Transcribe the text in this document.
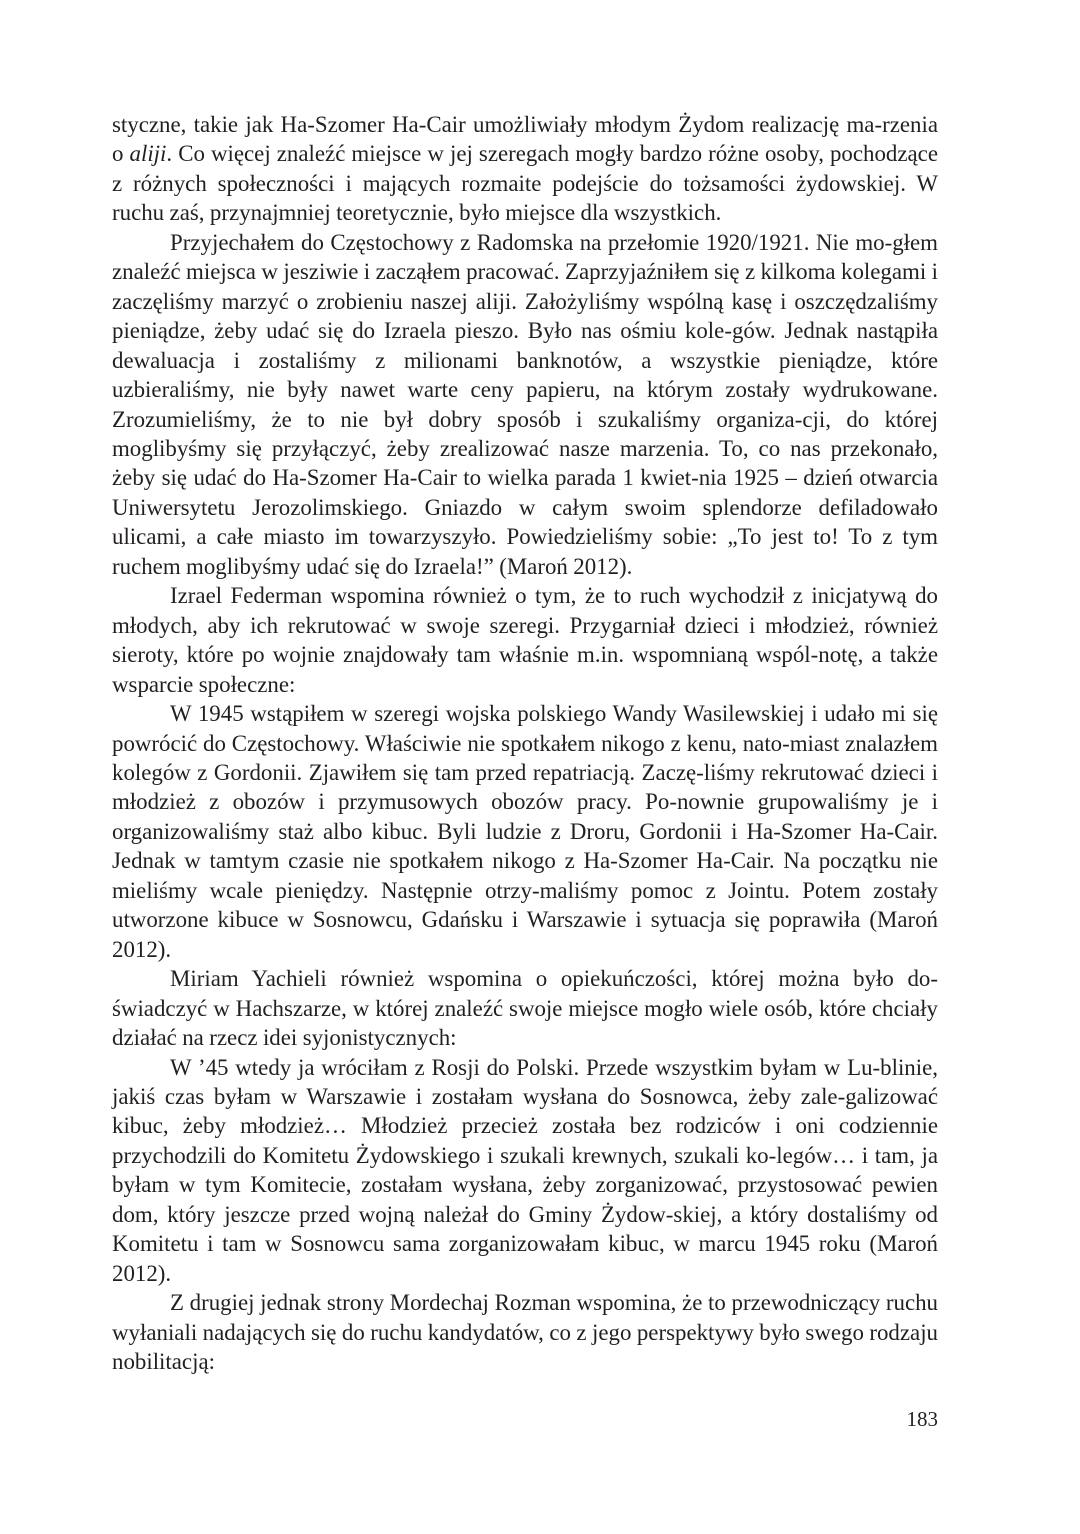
styczne, takie jak Ha-Szomer Ha-Cair umożliwiały młodym Żydom realizację ma-rzenia o aliji. Co więcej znaleźć miejsce w jej szeregach mogły bardzo różne osoby, pochodzące z różnych społeczności i mających rozmaite podejście do tożsamości żydowskiej. W ruchu zaś, przynajmniej teoretycznie, było miejsce dla wszystkich.

Przyjechałem do Częstochowy z Radomska na przełomie 1920/1921. Nie mo-głem znaleźć miejsca w jesziwie i zacząłem pracować. Zaprzyjaźniłem się z kilkoma kolegami i zaczęliśmy marzyć o zrobieniu naszej aliji. Założyliśmy wspólną kasę i oszczędzaliśmy pieniądze, żeby udać się do Izraela pieszo. Było nas ośmiu kole-gów. Jednak nastąpiła dewaluacja i zostaliśmy z milionami banknotów, a wszystkie pieniądze, które uzbieraliśmy, nie były nawet warte ceny papieru, na którym zostały wydrukowane. Zrozumieliśmy, że to nie był dobry sposób i szukaliśmy organiza-cji, do której moglibyśmy się przyłączyć, żeby zrealizować nasze marzenia. To, co nas przekonało, żeby się udać do Ha-Szomer Ha-Cair to wielka parada 1 kwiet-nia 1925 – dzień otwarcia Uniwersytetu Jerozolimskiego. Gniazdo w całym swoim splendorze defiladowało ulicami, a całe miasto im towarzyszyło. Powiedzieliśmy sobie: „To jest to! To z tym ruchem moglibyśmy udać się do Izraela!” (Maroń 2012).

Izrael Federman wspomina również o tym, że to ruch wychodził z inicjatywą do młodych, aby ich rekrutować w swoje szeregi. Przygarniał dzieci i młodzież, również sieroty, które po wojnie znajdowały tam właśnie m.in. wspomnianą wspól-notę, a także wsparcie społeczne:

W 1945 wstąpiłem w szeregi wojska polskiego Wandy Wasilewskiej i udało mi się powrócić do Częstochowy. Właściwie nie spotkałem nikogo z kenu, nato-miast znalazłem kolegów z Gordonii. Zjawiłem się tam przed repatriacją. Zaczę-liśmy rekrutować dzieci i młodzież z obozów i przymusowych obozów pracy. Po-nownie grupowaliśmy je i organizowaliśmy staż albo kibuc. Byli ludzie z Droru, Gordonii i Ha-Szomer Ha-Cair. Jednak w tamtym czasie nie spotkałem nikogo z Ha-Szomer Ha-Cair. Na początku nie mieliśmy wcale pieniędzy. Następnie otrzy-maliśmy pomoc z Jointu. Potem zostały utworzone kibuce w Sosnowcu, Gdańsku i Warszawie i sytuacja się poprawiła (Maroń 2012).

Miriam Yachieli również wspomina o opiekuńczości, której można było do-świadczyć w Hachszarze, w której znaleźć swoje miejsce mogło wiele osób, które chciały działać na rzecz idei syjonistycznych:

W ’45 wtedy ja wróciłam z Rosji do Polski. Przede wszystkim byłam w Lu-blinie, jakiś czas byłam w Warszawie i zostałam wysłana do Sosnowca, żeby zale-galizować kibuc, żeby młodzież… Młodzież przecież została bez rodziców i oni codziennie przychodzili do Komitetu Żydowskiego i szukali krewnych, szukali ko-legów… i tam, ja byłam w tym Komitecie, zostałam wysłana, żeby zorganizować, przystosować pewien dom, który jeszcze przed wojną należał do Gminy Żydow-skiej, a który dostaliśmy od Komitetu i tam w Sosnowcu sama zorganizowałam kibuc, w marcu 1945 roku (Maroń 2012).

Z drugiej jednak strony Mordechaj Rozman wspomina, że to przewodniczący ruchu wyłaniali nadających się do ruchu kandydatów, co z jego perspektywy było swego rodzaju nobilitacją:

183
